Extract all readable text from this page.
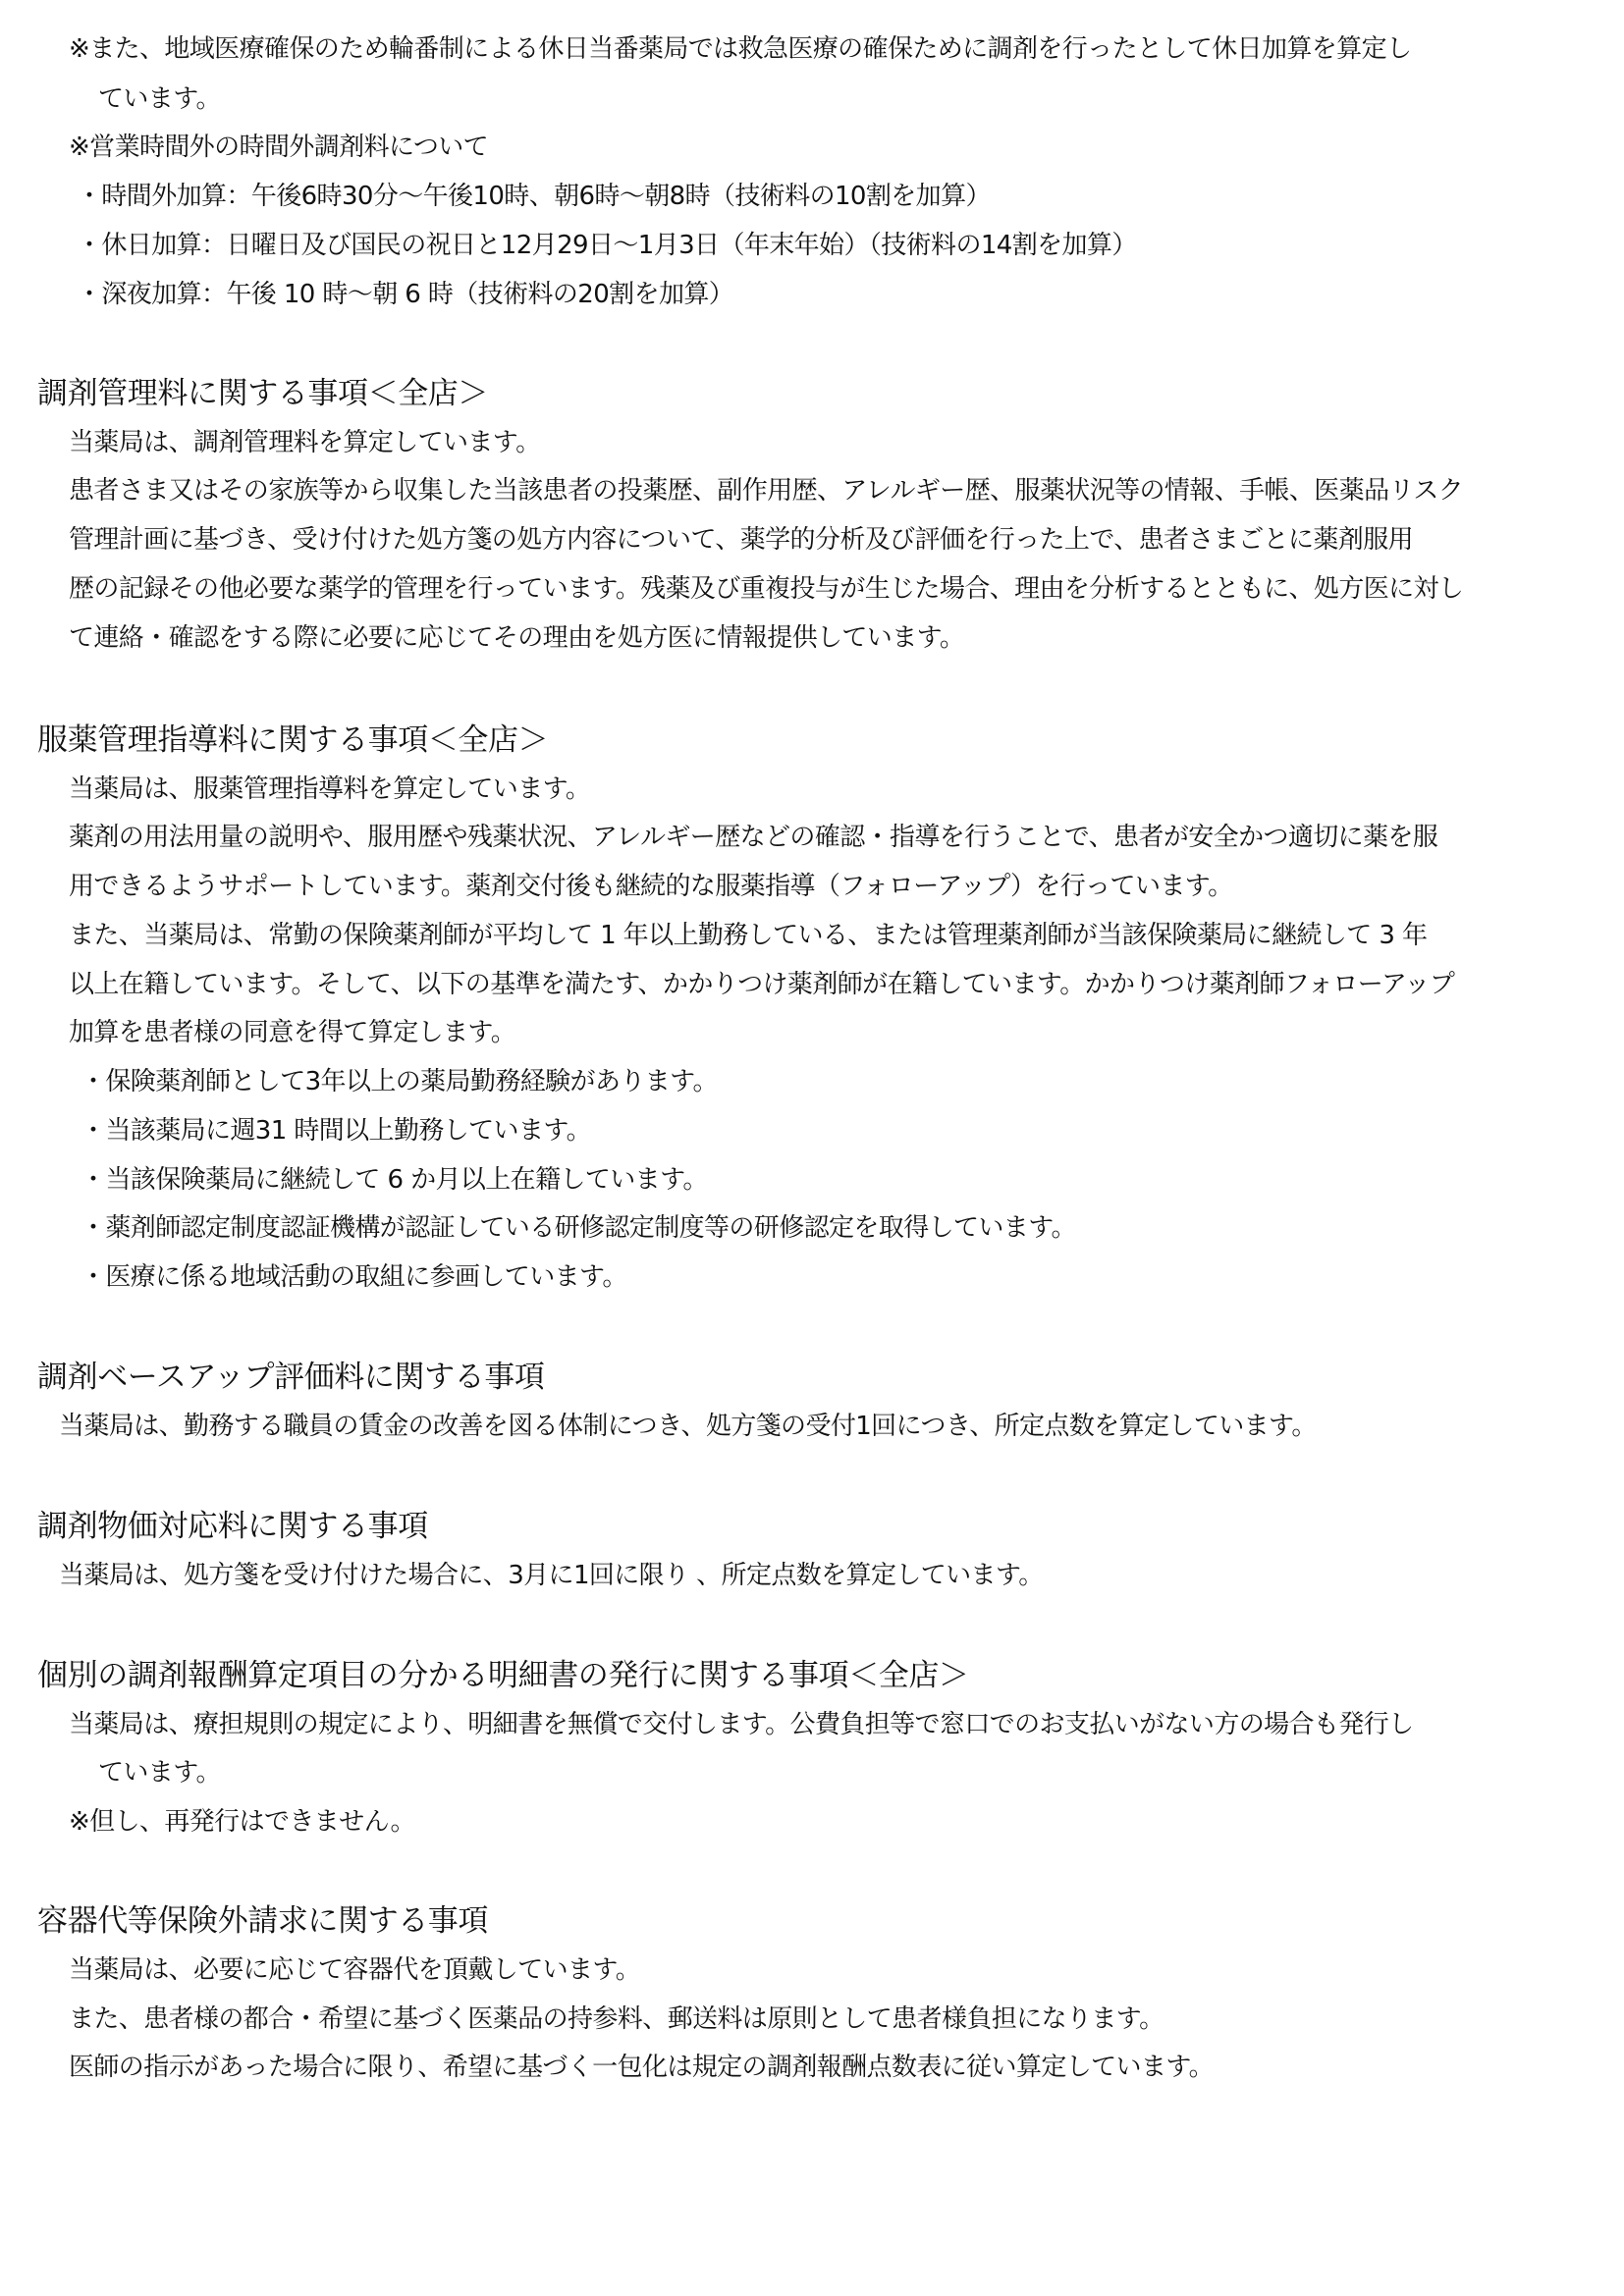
※また、地域医療確保のため輪番制による休日当番薬局では救急医療の確保ために調剤を行ったとして休日加算を算定し
ています。
※営業時間外の時間外調剤料について
・時間外加算：午後6時30分～午後10時、朝6時～朝8時（技術料の10割を加算）
・休日加算：日曜日及び国民の祝日と12月29日～1月3日（年末年始）（技術料の14割を加算）
・深夜加算：午後 10 時～朝 6 時（技術料の20割を加算）
調剤管理料に関する事項＜全店＞
当薬局は、調剤管理料を算定しています。
患者さま又はその家族等から収集した当該患者の投薬歴、副作用歴、アレルギー歴、服薬状況等の情報、手帳、医薬品リスク
管理計画に基づき、受け付けた処方箋の処方内容について、薬学的分析及び評価を行った上で、患者さまごとに薬剤服用
歴の記録その他必要な薬学的管理を行っています。残薬及び重複投与が生じた場合、理由を分析するとともに、処方医に対し
て連絡・確認をする際に必要に応じてその理由を処方医に情報提供しています。
服薬管理指導料に関する事項＜全店＞
当薬局は、服薬管理指導料を算定しています。
薬剤の用法用量の説明や、服用歴や残薬状況、アレルギー歴などの確認・指導を行うことで、患者が安全かつ適切に薬を服
用できるようサポートしています。薬剤交付後も継続的な服薬指導（フォローアップ）を行っています。
また、当薬局は、常勤の保険薬剤師が平均して 1 年以上勤務している、または管理薬剤師が当該保険薬局に継続して 3 年
以上在籍しています。そして、以下の基準を満たす、かかりつけ薬剤師が在籍しています。かかりつけ薬剤師フォローアップ
加算を患者様の同意を得て算定します。
・保険薬剤師として3年以上の薬局勤務経験があります。
・当該薬局に週31 時間以上勤務しています。
・当該保険薬局に継続して 6 か月以上在籍しています。
・薬剤師認定制度認証機構が認証している研修認定制度等の研修認定を取得しています。
・医療に係る地域活動の取組に参画しています。
調剤ベースアップ評価料に関する事項
当薬局は、勤務する職員の賃金の改善を図る体制につき、処方箋の受付1回につき、所定点数を算定しています。
調剤物価対応料に関する事項
当薬局は、処方箋を受け付けた場合に、3月に1回に限り 、所定点数を算定しています。
個別の調剤報酬算定項目の分かる明細書の発行に関する事項＜全店＞
当薬局は、療担規則の規定により、明細書を無償で交付します。公費負担等で窓口でのお支払いがない方の場合も発行し
ています。
※但し、再発行はできません。
容器代等保険外請求に関する事項
当薬局は、必要に応じて容器代を頂戴しています。
また、患者様の都合・希望に基づく医薬品の持参料、郵送料は原則として患者様負担になります。
医師の指示があった場合に限り、希望に基づく一包化は規定の調剤報酬点数表に従い算定しています。
